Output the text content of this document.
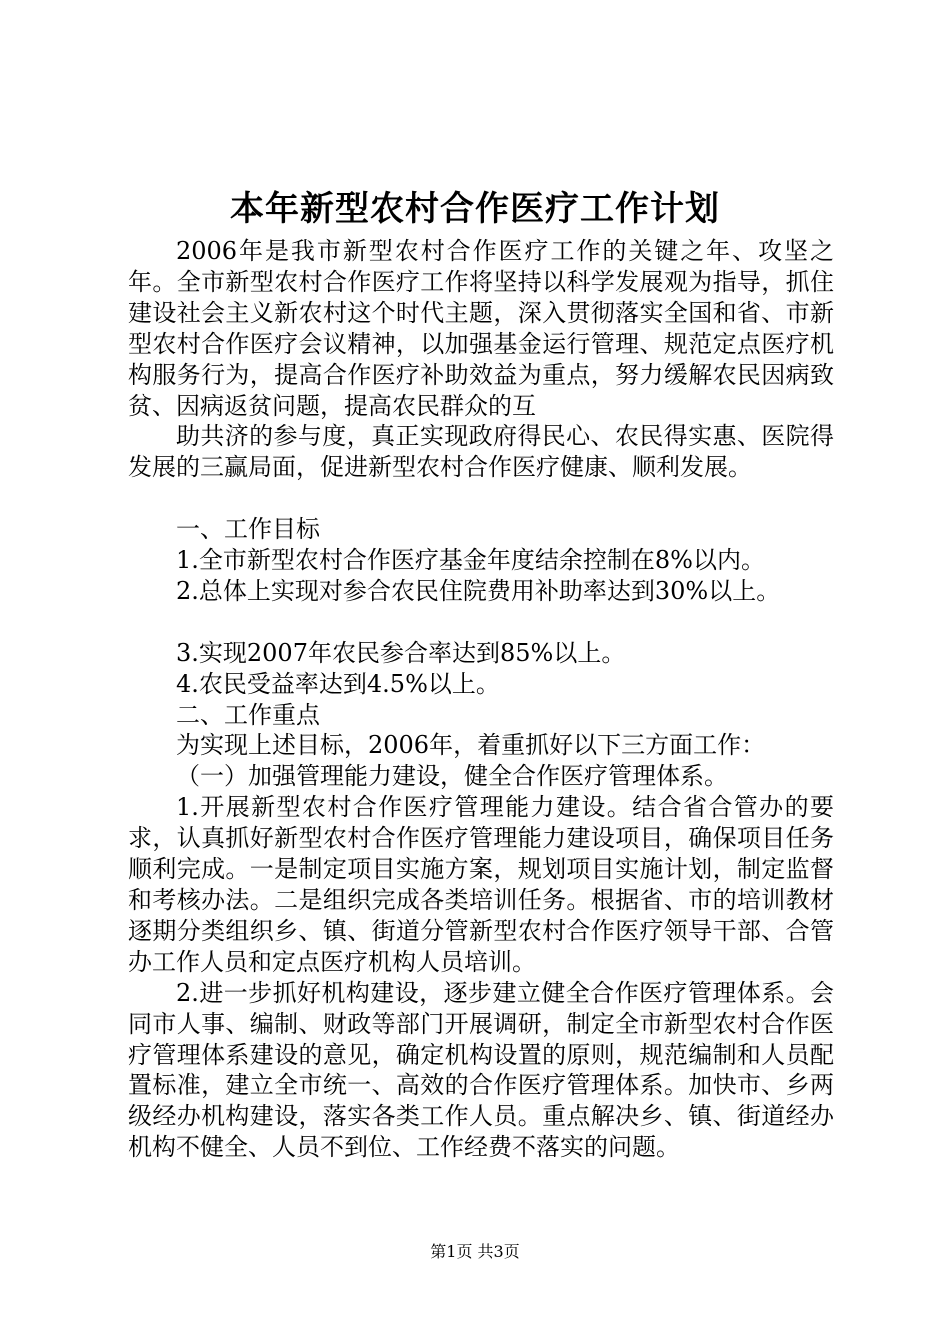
本年新型农村合作医疗工作计划

2006年是我市新型农村合作医疗工作的关键之年、攻坚之年。全市新型农村合作医疗工作将坚持以科学发展观为指导，抓住建设社会主义新农村这个时代主题，深入贯彻落实全国和省、市新型农村合作医疗会议精神，以加强基金运行管理、规范定点医疗机构服务行为，提高合作医疗补助效益为重点，努力缓解农民因病致贫、因病返贫问题，提高农民群众的互

助共济的参与度，真正实现政府得民心、农民得实惠、医院得发展的三赢局面，促进新型农村合作医疗健康、顺利发展。

一、工作目标

1.全市新型农村合作医疗基金年度结余控制在8%以内。

2.总体上实现对参合农民住院费用补助率达到30%以上。

3.实现2007年农民参合率达到85%以上。

4.农民受益率达到4.5%以上。

二、工作重点

为实现上述目标，2006年，着重抓好以下三方面工作：

（一）加强管理能力建设，健全合作医疗管理体系。

1.开展新型农村合作医疗管理能力建设。结合省合管办的要求，认真抓好新型农村合作医疗管理能力建设项目，确保项目任务顺利完成。一是制定项目实施方案，规划项目实施计划，制定监督和考核办法。二是组织完成各类培训任务。根据省、市的培训教材逐期分类组织乡、镇、街道分管新型农村合作医疗领导干部、合管办工作人员和定点医疗机构人员培训。

2.进一步抓好机构建设，逐步建立健全合作医疗管理体系。会同市人事、编制、财政等部门开展调研，制定全市新型农村合作医疗管理体系建设的意见，确定机构设置的原则，规范编制和人员配置标准，建立全市统一、高效的合作医疗管理体系。加快市、乡两级经办机构建设，落实各类工作人员。重点解决乡、镇、街道经办机构不健全、人员不到位、工作经费不落实的问题。

第1页 共3页
